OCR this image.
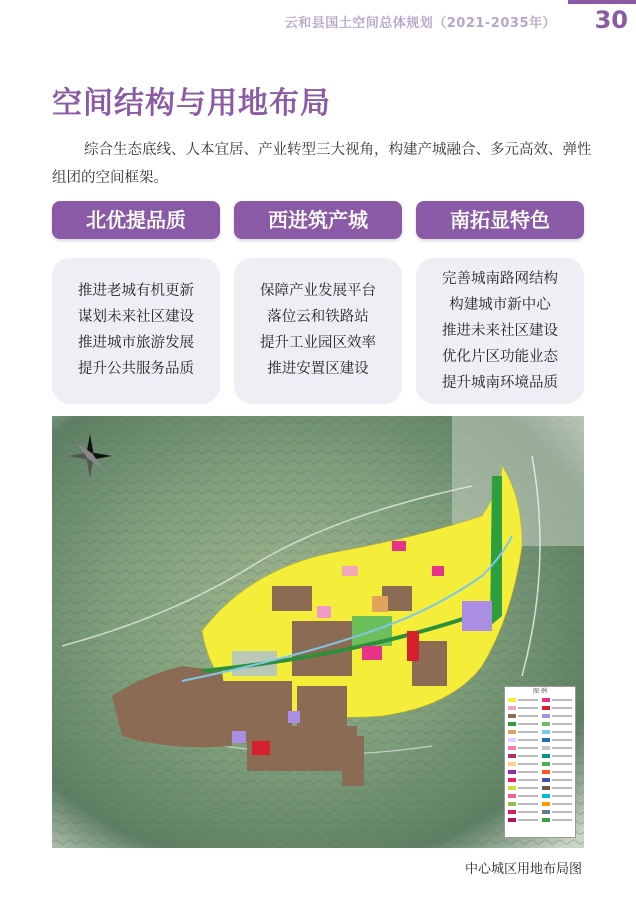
云和县国土空间总体规划（2021-2035年） 30
空间结构与用地布局
综合生态底线、人本宜居、产业转型三大视角，构建产城融合、多元高效、弹性组团的空间框架。
北优提品质
推进老城有机更新
谋划未来社区建设
推进城市旅游发展
提升公共服务品质
西进筑产城
保障产业发展平台
落位云和铁路站
提升工业园区效率
推进安置区建设
南拓显特色
完善城南路网结构
构建城市新中心
推进未来社区建设
优化片区功能业态
提升城南环境品质
图 例
中心城区用地布局图
